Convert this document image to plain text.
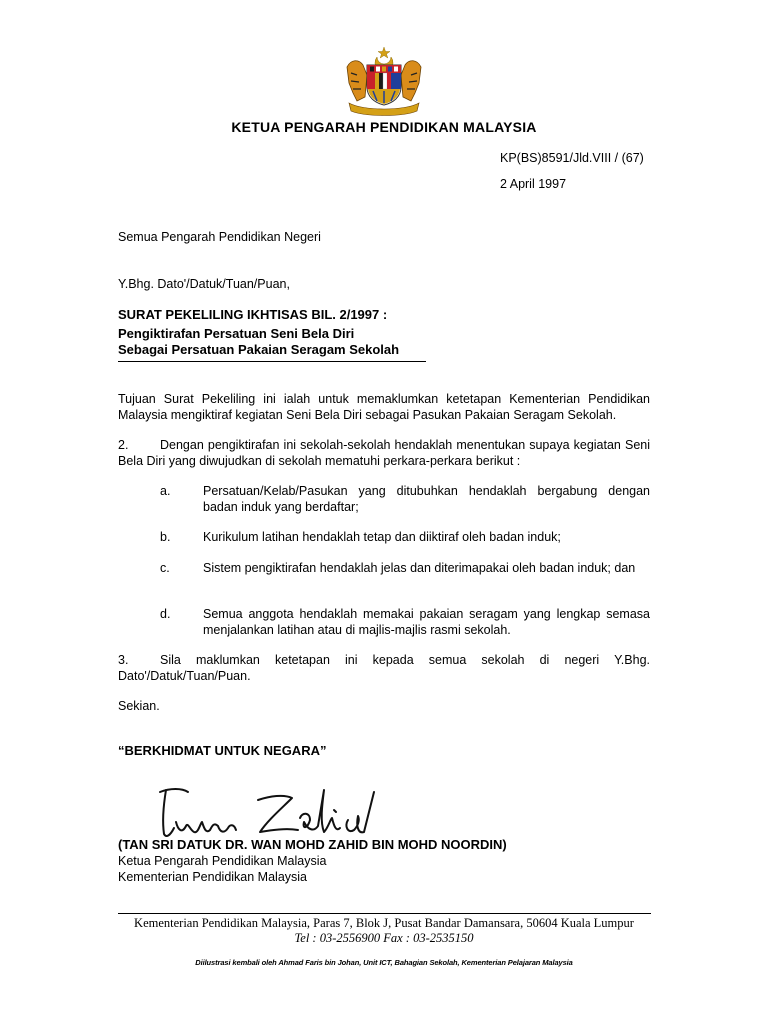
KETUA PENGARAH PENDIDIKAN MALAYSIA
KP(BS)8591/Jld.VIII / (67)
2 April 1997
Semua Pengarah Pendidikan Negeri
Y.Bhg. Dato'/Datuk/Tuan/Puan,
SURAT PEKELILING IKHTISAS BIL. 2/1997 :
Pengiktirafan Persatuan Seni Bela Diri
Sebagai Persatuan Pakaian Seragam Sekolah
Tujuan Surat Pekeliling ini ialah untuk memaklumkan ketetapan Kementerian Pendidikan Malaysia mengiktiraf kegiatan Seni Bela Diri sebagai Pasukan Pakaian Seragam Sekolah.
2.	Dengan pengiktirafan ini sekolah-sekolah hendaklah menentukan supaya kegiatan Seni Bela Diri yang diwujudkan di sekolah mematuhi perkara-perkara berikut :
a.	Persatuan/Kelab/Pasukan yang ditubuhkan hendaklah bergabung dengan badan induk yang berdaftar;
b.	Kurikulum latihan hendaklah tetap dan diiktiraf oleh badan induk;
c.	Sistem pengiktirafan hendaklah jelas dan diterimapakai oleh badan induk; dan
d.	Semua anggota hendaklah memakai pakaian seragam yang lengkap semasa menjalankan latihan atau di majlis-majlis rasmi sekolah.
3.	Sila maklumkan ketetapan ini kepada semua sekolah di negeri Y.Bhg. Dato'/Datuk/Tuan/Puan.
Sekian.
“BERKHIDMAT UNTUK NEGARA”
(TAN SRI DATUK DR. WAN MOHD ZAHID BIN MOHD NOORDIN)
Ketua Pengarah Pendidikan Malaysia
Kementerian Pendidikan Malaysia
Kementerian Pendidikan Malaysia, Paras 7, Blok J, Pusat Bandar Damansara, 50604 Kuala Lumpur
Tel : 03-2556900 Fax : 03-2535150
Diilustrasi kembali oleh Ahmad Faris bin Johan, Unit ICT, Bahagian Sekolah, Kementerian Pelajaran Malaysia
